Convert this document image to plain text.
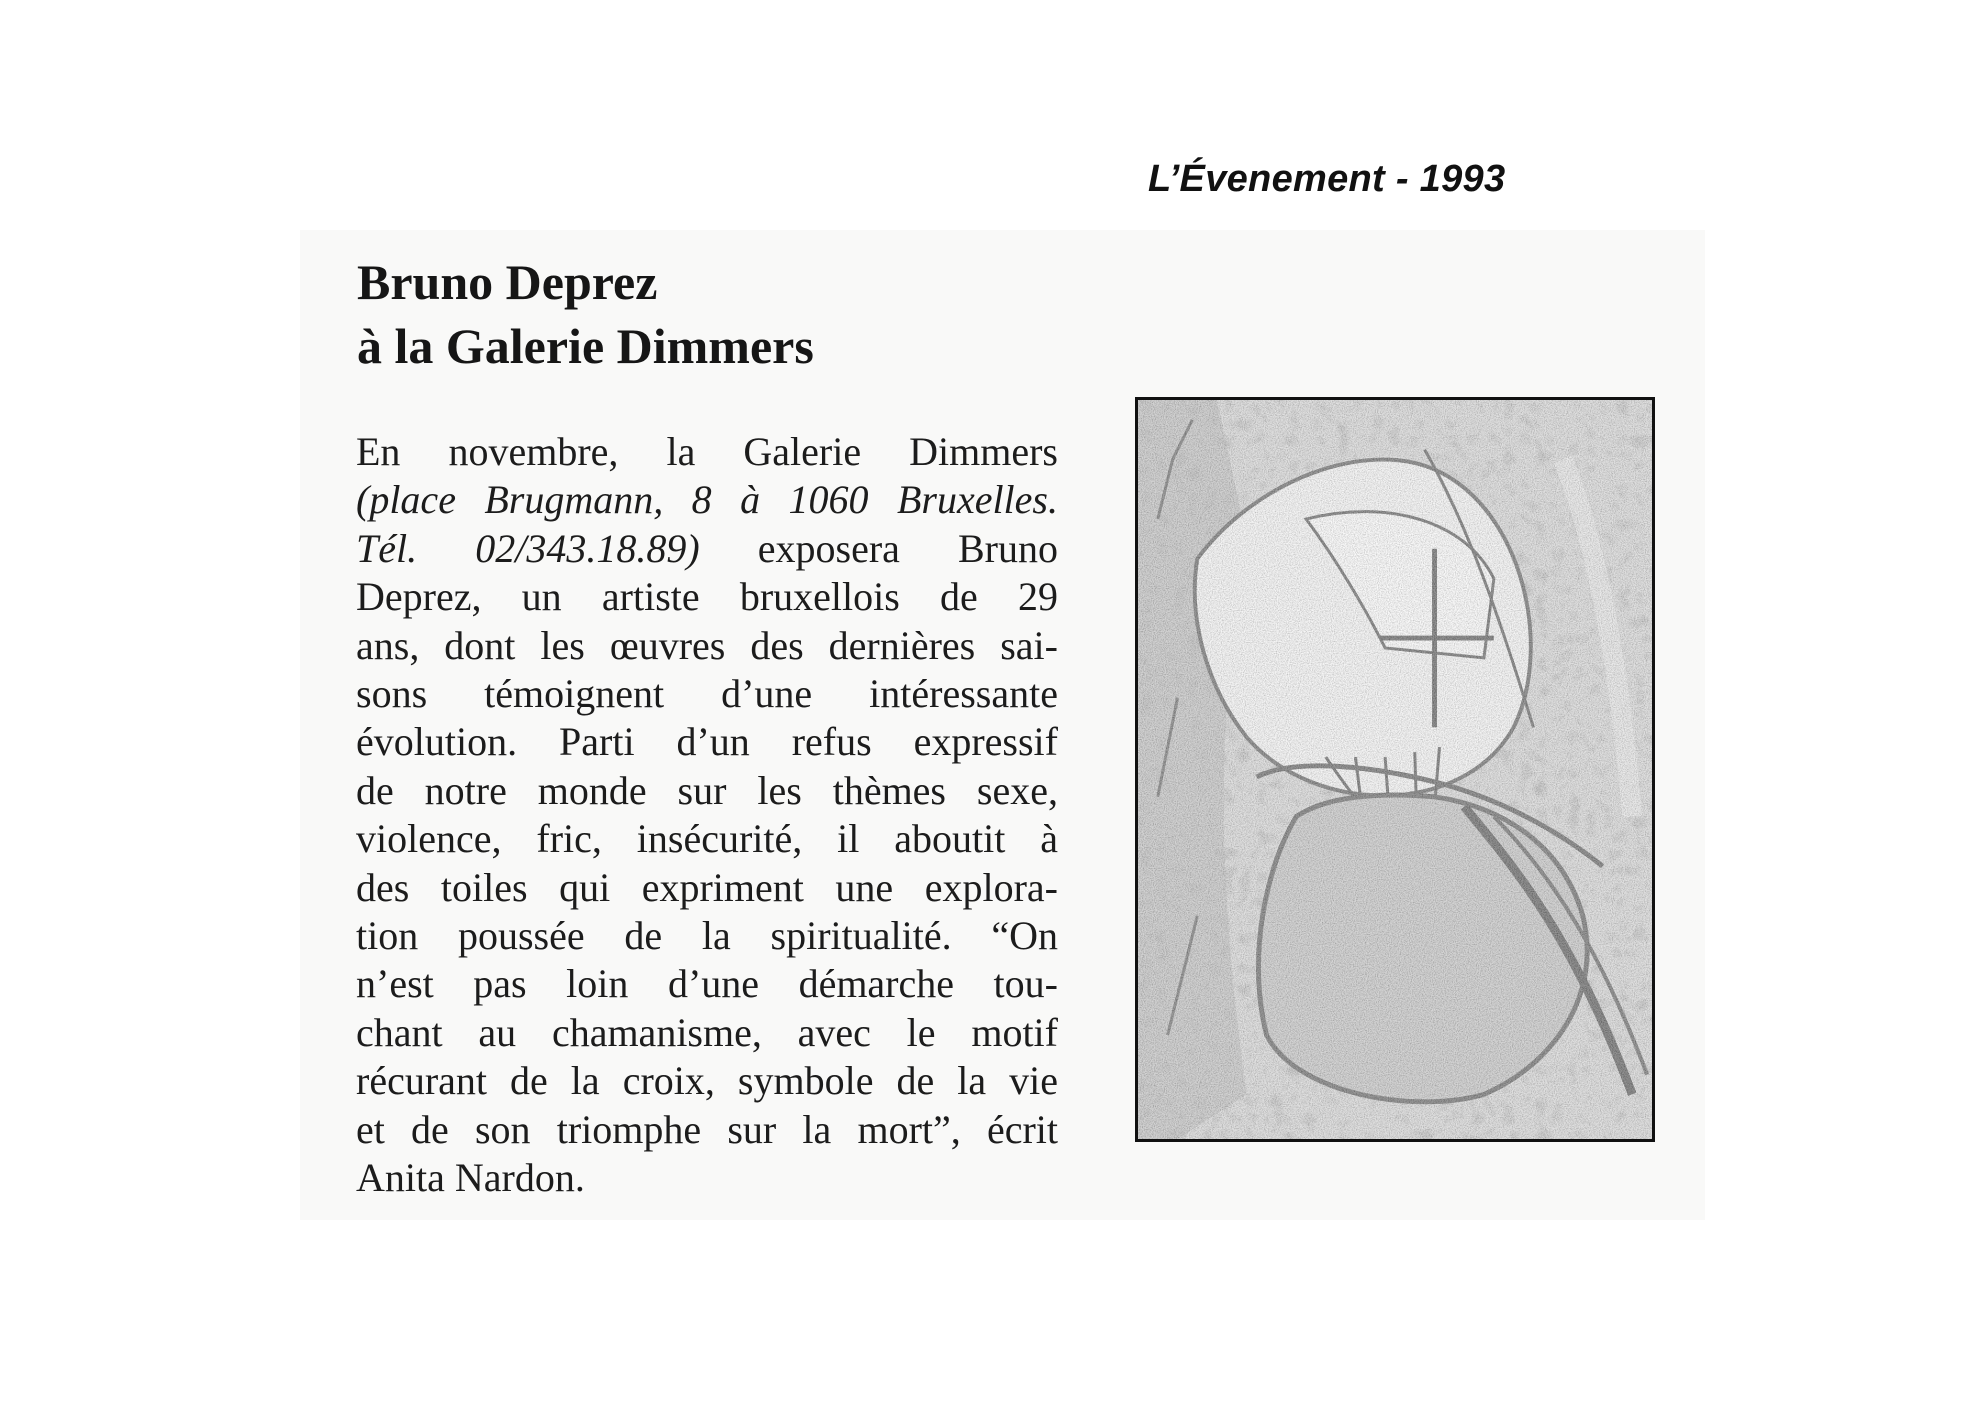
L’Évenement - 1993
Bruno Deprez
à la Galerie Dimmers

En novembre, la Galerie Dimmers
(place Brugmann, 8 à 1060 Bruxelles.
Tél. 02/343.18.89) exposera Bruno
Deprez, un artiste bruxellois de 29
ans, dont les œuvres des dernières sai-
sons témoignent d’une intéressante
évolution. Parti d’un refus expressif
de notre monde sur les thèmes sexe,
violence, fric, insécurité, il aboutit à
des toiles qui expriment une explora-
tion poussée de la spiritualité. “On
n’est pas loin d’une démarche tou-
chant au chamanisme, avec le motif
récurant de la croix, symbole de la vie
et de son triomphe sur la mort”, écrit
Anita Nardon.
